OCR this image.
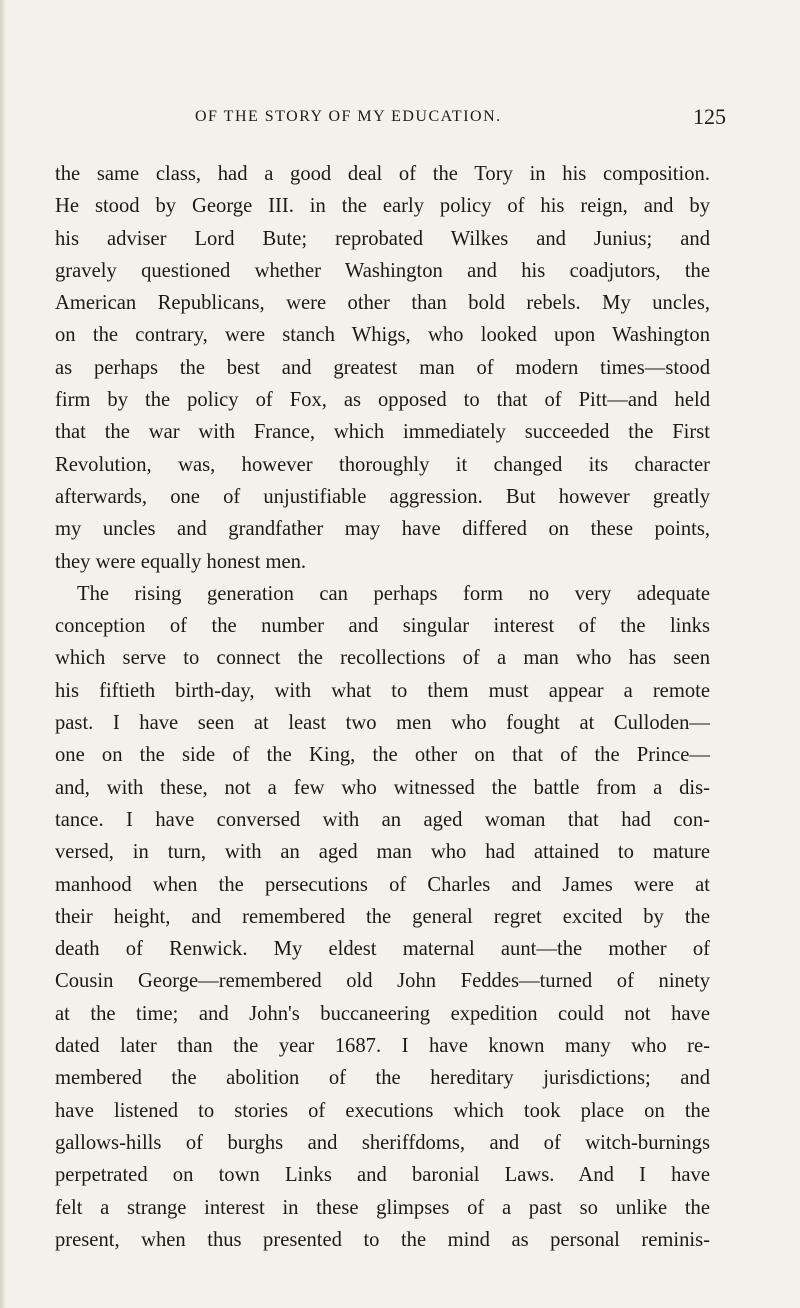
OF THE STORY OF MY EDUCATION.	125
the same class, had a good deal of the Tory in his composition.
He stood by George III. in the early policy of his reign, and by
his adviser Lord Bute; reprobated Wilkes and Junius; and
gravely questioned whether Washington and his coadjutors, the
American Republicans, were other than bold rebels. My uncles,
on the contrary, were stanch Whigs, who looked upon Washington
as perhaps the best and greatest man of modern times—stood
firm by the policy of Fox, as opposed to that of Pitt—and held
that the war with France, which immediately succeeded the First
Revolution, was, however thoroughly it changed its character
afterwards, one of unjustifiable aggression. But however greatly
my uncles and grandfather may have differed on these points,
they were equally honest men.
The rising generation can perhaps form no very adequate
conception of the number and singular interest of the links
which serve to connect the recollections of a man who has seen
his fiftieth birth-day, with what to them must appear a remote
past. I have seen at least two men who fought at Culloden—
one on the side of the King, the other on that of the Prince—
and, with these, not a few who witnessed the battle from a dis-
tance. I have conversed with an aged woman that had con-
versed, in turn, with an aged man who had attained to mature
manhood when the persecutions of Charles and James were at
their height, and remembered the general regret excited by the
death of Renwick. My eldest maternal aunt—the mother of
Cousin George—remembered old John Feddes—turned of ninety
at the time; and John's buccaneering expedition could not have
dated later than the year 1687. I have known many who re-
membered the abolition of the hereditary jurisdictions; and
have listened to stories of executions which took place on the
gallows-hills of burghs and sheriffdoms, and of witch-burnings
perpetrated on town Links and baronial Laws. And I have
felt a strange interest in these glimpses of a past so unlike the
present, when thus presented to the mind as personal reminis-
